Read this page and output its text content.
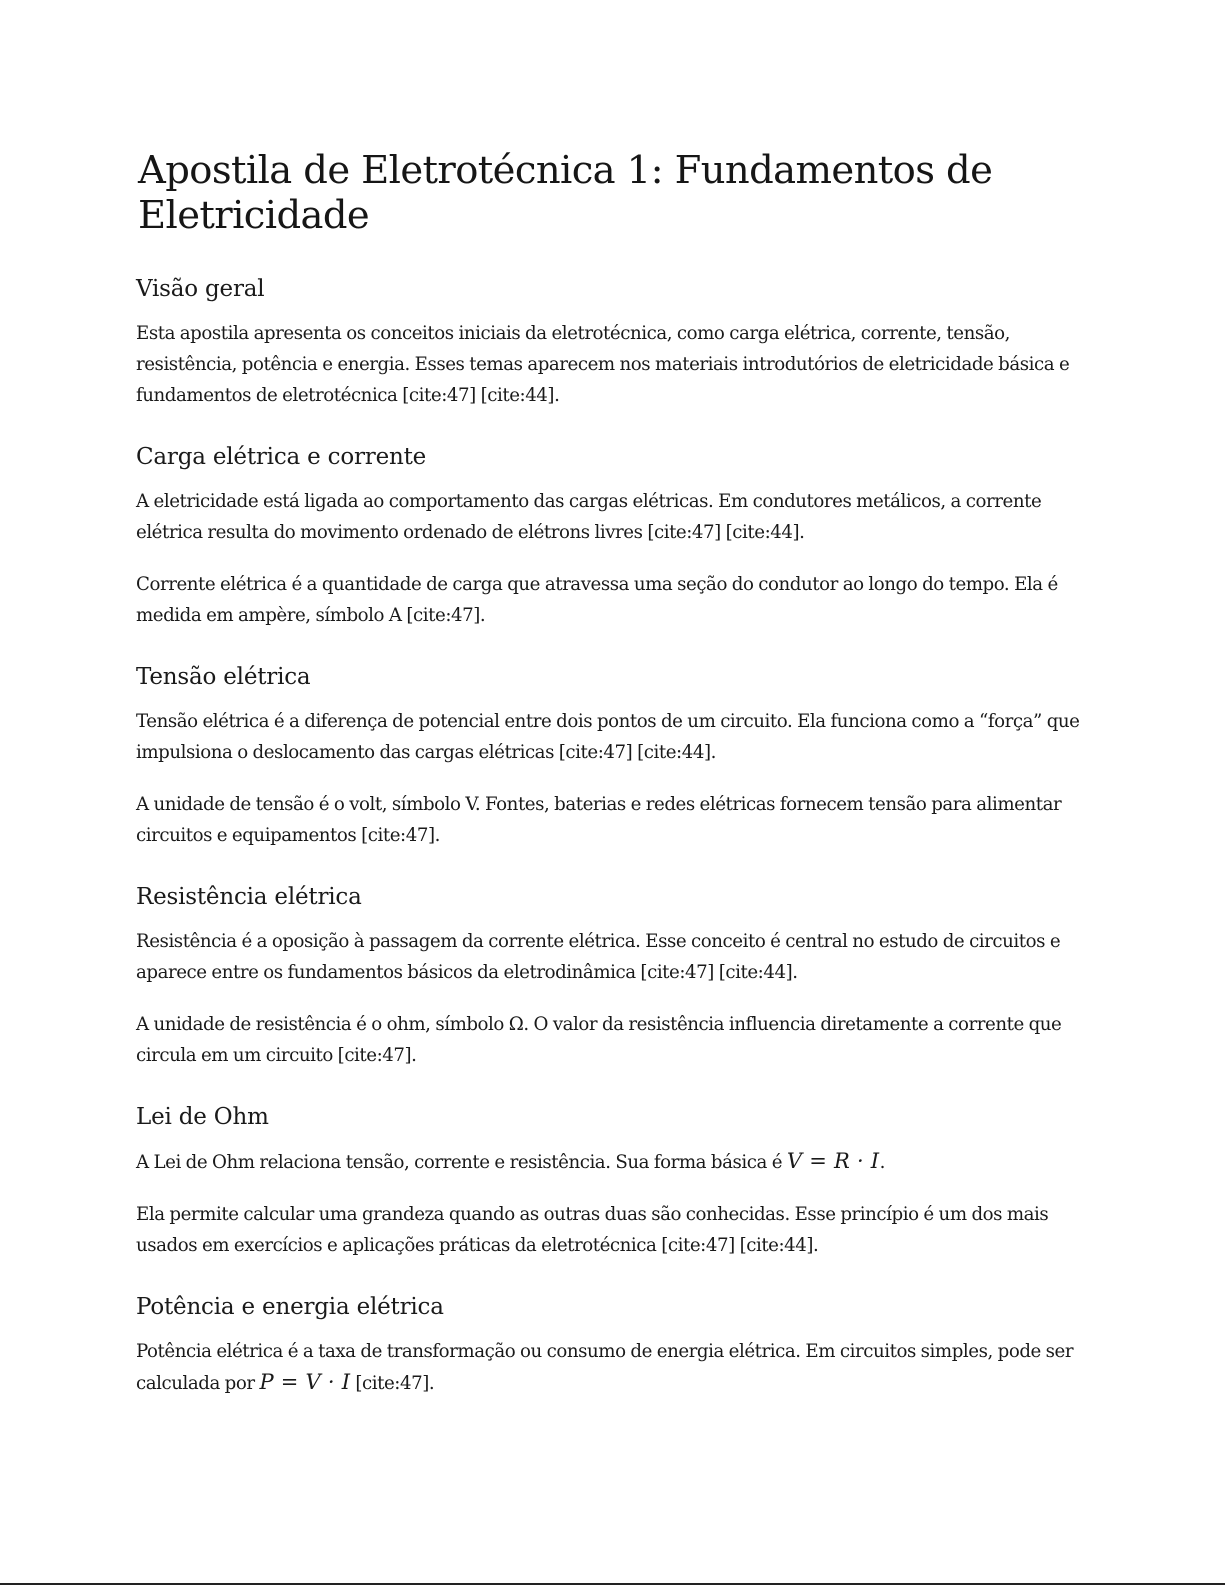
Apostila de Eletrotécnica 1: Fundamentos de Eletricidade
Visão geral

Esta apostila apresenta os conceitos iniciais da eletrotécnica, como carga elétrica, corrente, tensão, resistência, potência e energia. Esses temas aparecem nos materiais introdutórios de eletricidade básica e fundamentos de eletrotécnica [cite:47] [cite:44].

Carga elétrica e corrente

A eletricidade está ligada ao comportamento das cargas elétricas. Em condutores metálicos, a corrente elétrica resulta do movimento ordenado de elétrons livres [cite:47] [cite:44].

Corrente elétrica é a quantidade de carga que atravessa uma seção do condutor ao longo do tempo. Ela é medida em ampère, símbolo A [cite:47].

Tensão elétrica

Tensão elétrica é a diferença de potencial entre dois pontos de um circuito. Ela funciona como a “força” que impulsiona o deslocamento das cargas elétricas [cite:47] [cite:44].

A unidade de tensão é o volt, símbolo V. Fontes, baterias e redes elétricas fornecem tensão para alimentar circuitos e equipamentos [cite:47].

Resistência elétrica

Resistência é a oposição à passagem da corrente elétrica. Esse conceito é central no estudo de circuitos e aparece entre os fundamentos básicos da eletrodinâmica [cite:47] [cite:44].

A unidade de resistência é o ohm, símbolo Ω. O valor da resistência influencia diretamente a corrente que circula em um circuito [cite:47].

Lei de Ohm

A Lei de Ohm relaciona tensão, corrente e resistência. Sua forma básica é V = R · I.

Ela permite calcular uma grandeza quando as outras duas são conhecidas. Esse princípio é um dos mais usados em exercícios e aplicações práticas da eletrotécnica [cite:47] [cite:44].

Potência e energia elétrica

Potência elétrica é a taxa de transformação ou consumo de energia elétrica. Em circuitos simples, pode ser calculada por P = V · I [cite:47].
